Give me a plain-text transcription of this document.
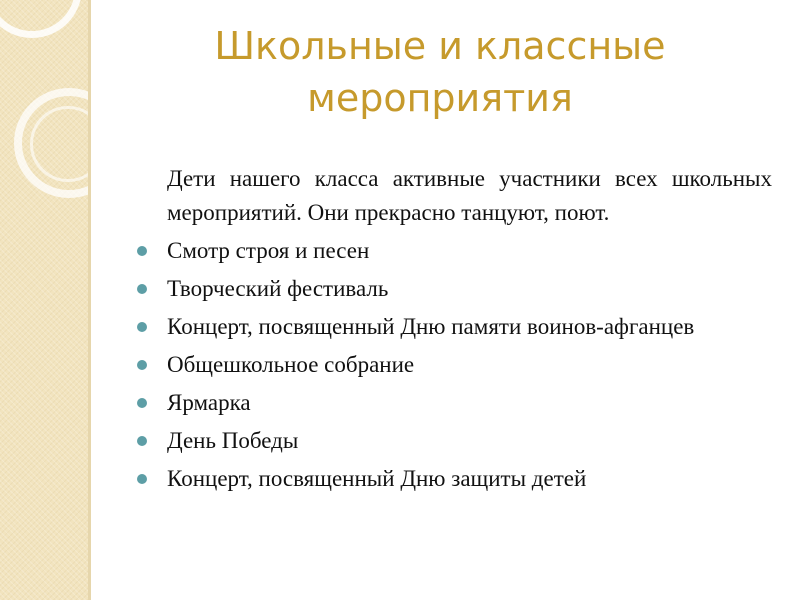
Школьные и классные мероприятия

Дети нашего класса активные участники всех школьных мероприятий. Они прекрасно танцуют, поют.

Смотр строя и песен
Творческий фестиваль
Концерт, посвященный Дню памяти воинов-афганцев
Общешкольное собрание
Ярмарка
День Победы
Концерт, посвященный Дню защиты детей
